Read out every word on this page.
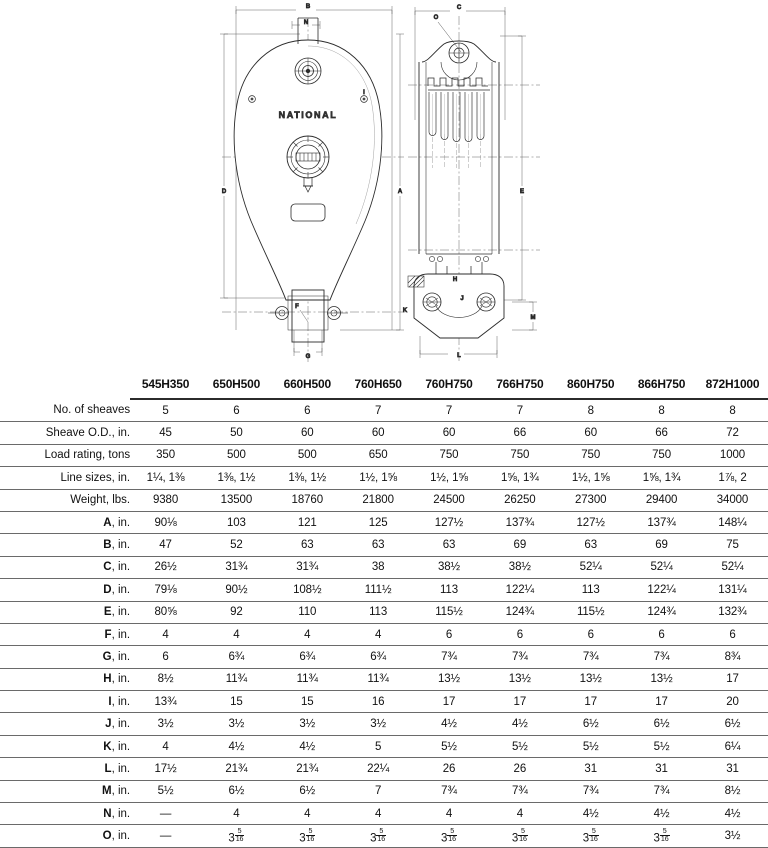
NATIONAL
B
N
D	A
G
F
I
K
C
O
E
H
J
M
L
	545H350	650H500	660H500	760H650	760H750	766H750	860H750	866H750	872H1000
No. of sheaves	5	6	6	7	7	7	8	8	8
Sheave O.D., in.	45	50	60	60	60	66	60	66	72
Load rating, tons	350	500	500	650	750	750	750	750	1000
Line sizes, in.	1¼, 1⅜	1⅜, 1½	1⅜, 1½	1½, 1⅝	1½, 1⅝	1⅝, 1¾	1½, 1⅝	1⅝, 1¾	1⅞, 2
Weight, lbs.	9380	13500	18760	21800	24500	26250	27300	29400	34000
A, in.	90⅛	103	121	125	127½	137¾	127½	137¾	148¼
B, in.	47	52	63	63	63	69	63	69	75
C, in.	26½	31¾	31¾	38	38½	38½	52¼	52¼	52¼
D, in.	79⅛	90½	108½	111½	113	122¼	113	122¼	131¼
E, in.	80⅝	92	110	113	115½	124¾	115½	124¾	132¾
F, in.	4	4	4	4	6	6	6	6	6
G, in.	6	6¾	6¾	6¾	7¾	7¾	7¾	7¾	8¾
H, in.	8½	11¾	11¾	11¾	13½	13½	13½	13½	17
I, in.	13¾	15	15	16	17	17	17	17	20
J, in.	3½	3½	3½	3½	4½	4½	6½	6½	6½
K, in.	4	4½	4½	5	5½	5½	5½	5½	6¼
L, in.	17½	21¾	21¾	22¼	26	26	31	31	31
M, in.	5½	6½	6½	7	7¾	7¾	7¾	7¾	8½
N, in.	—	4	4	4	4	4	4½	4½	4½
O, in.	—	$3 \frac{5}{16}$	$3 \frac{5}{16}$	$3 \frac{5}{16}$	$3 \frac{5}{16}$	$3 \frac{5}{16}$	$3 \frac{5}{16}$	$3 \frac{5}{16}$	3½
